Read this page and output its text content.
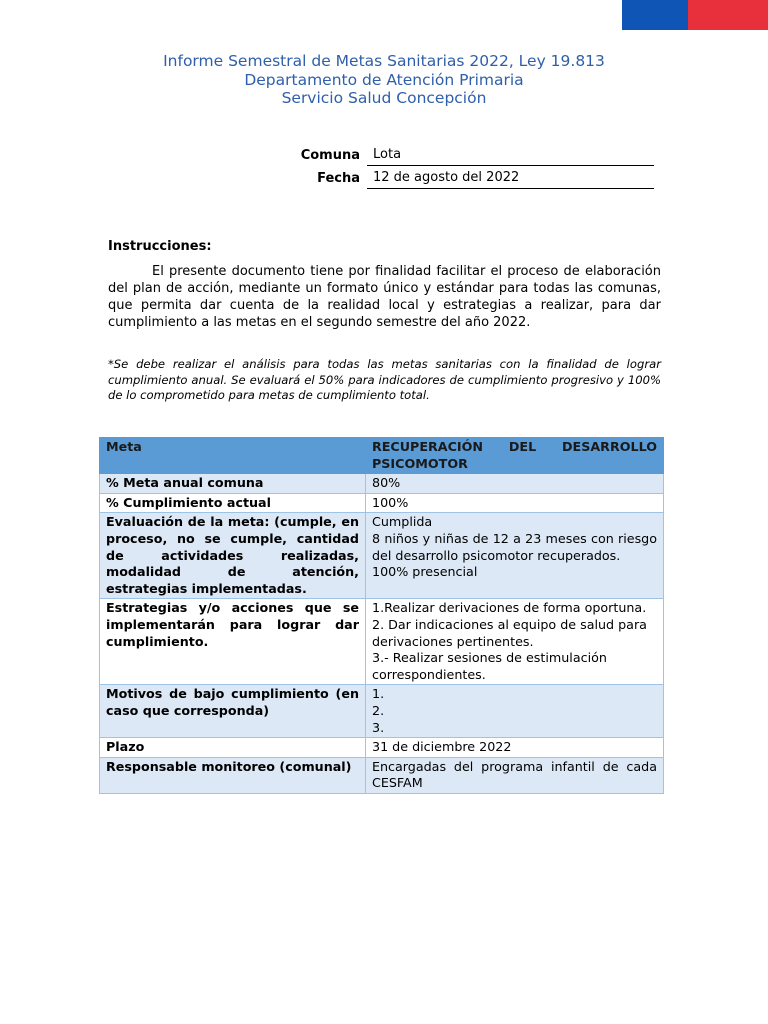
Informe Semestral de Metas Sanitarias 2022, Ley 19.813
Departamento de Atención Primaria
Servicio Salud Concepción
Comuna	Lota
Fecha	12 de agosto del 2022
Instrucciones:
El presente documento tiene por finalidad facilitar el proceso de elaboración del plan de acción, mediante un formato único y estándar para todas las comunas, que permita dar cuenta de la realidad local y estrategias a realizar, para dar cumplimiento a las metas en el segundo semestre del año 2022.
*Se debe realizar el análisis para todas las metas sanitarias con la finalidad de lograr cumplimiento anual. Se evaluará el 50% para indicadores de cumplimiento progresivo y 100% de lo comprometido para metas de cumplimiento total.
Meta	RECUPERACIÓN DEL DESARROLLO PSICOMOTOR
% Meta anual comuna	80%
% Cumplimiento actual	100%
Evaluación de la meta: (cumple, en proceso, no se cumple, cantidad de actividades realizadas, modalidad de atención, estrategias implementadas.	Cumplida
8 niños y niñas de 12 a 23 meses con riesgo del desarrollo psicomotor recuperados.
100% presencial

Estrategias y/o acciones que se implementarán para lograr dar cumplimiento.	1.Realizar derivaciones de forma oportuna.
2. Dar indicaciones al equipo de salud para derivaciones pertinentes.
3.- Realizar sesiones de estimulación correspondientes.

Motivos de bajo cumplimiento (en caso que corresponda)	1.
2.
3.

Plazo	31 de diciembre 2022
Responsable monitoreo (comunal)	Encargadas del programa infantil de cada CESFAM
